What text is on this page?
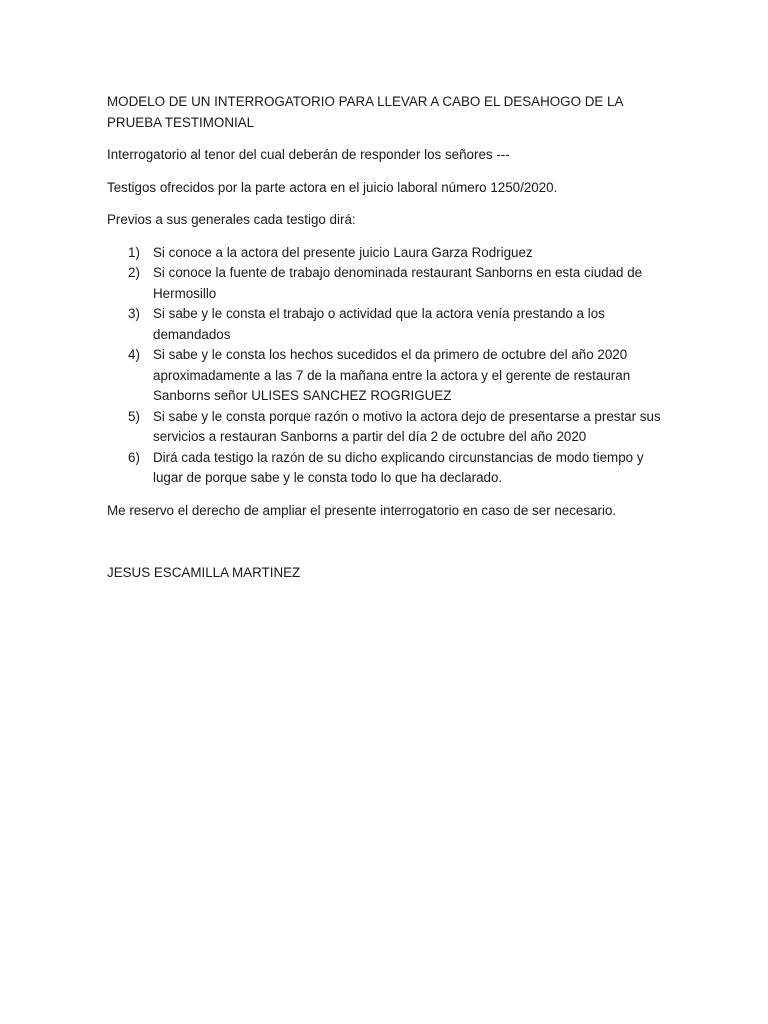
MODELO DE UN INTERROGATORIO PARA LLEVAR A CABO EL DESAHOGO DE LA PRUEBA TESTIMONIAL

Interrogatorio al tenor del cual deberán de responder los señores ---

Testigos ofrecidos por la parte actora en el juicio laboral número 1250/2020.

Previos a sus generales cada testigo dirá:

1) Si conoce a la actora del presente juicio Laura Garza Rodriguez
2) Si conoce la fuente de trabajo denominada restaurant Sanborns en esta ciudad de Hermosillo
3) Si sabe y le consta el trabajo o actividad que la actora venía prestando a los demandados
4) Si sabe y le consta los hechos sucedidos el da primero de octubre del año 2020 aproximadamente a las 7 de la mañana entre la actora y el gerente de restauran Sanborns señor ULISES SANCHEZ ROGRIGUEZ
5) Si sabe y le consta porque razón o motivo la actora dejo de presentarse a prestar sus servicios a restauran Sanborns a partir del día 2 de octubre del año 2020
6) Dirá cada testigo la razón de su dicho explicando circunstancias de modo tiempo y lugar de porque sabe y le consta todo lo que ha declarado.

Me reservo el derecho de ampliar el presente interrogatorio en caso de ser necesario.

JESUS ESCAMILLA MARTINEZ
